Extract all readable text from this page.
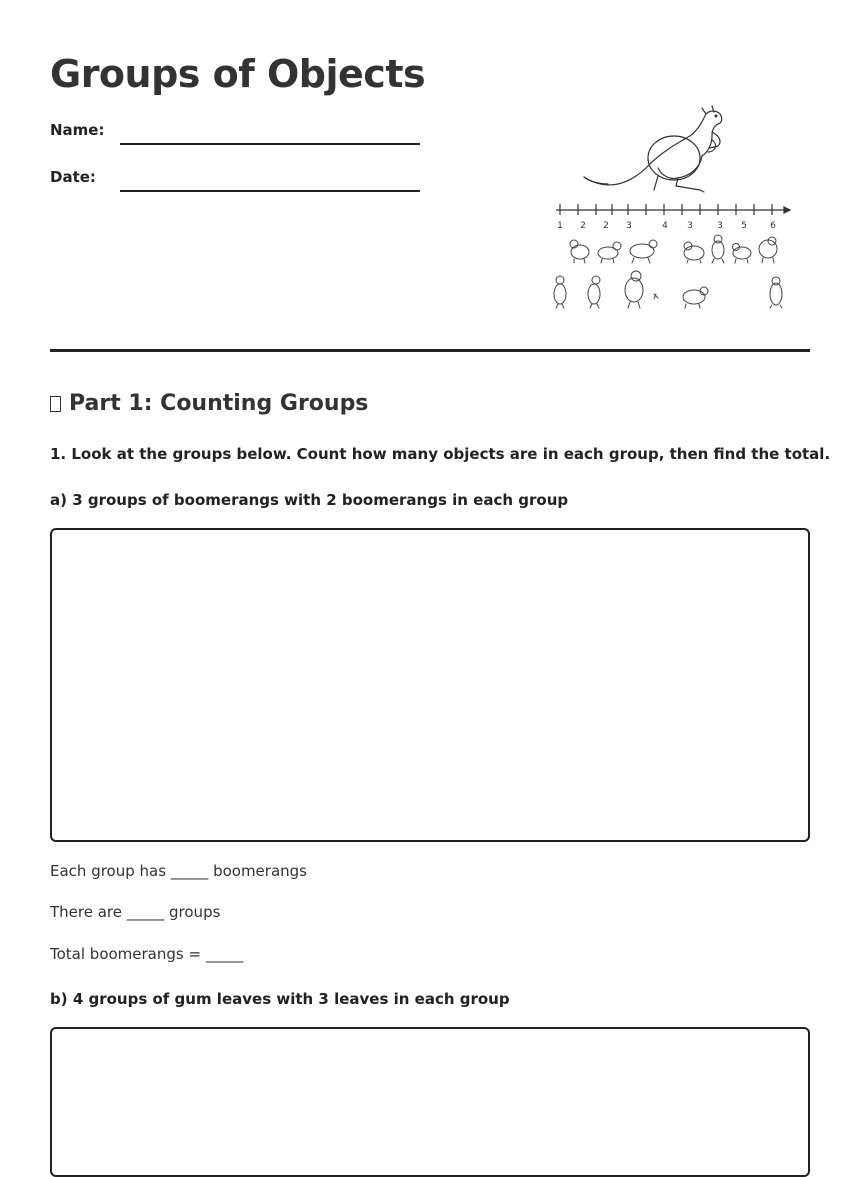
Groups of Objects
Name:
Date:
1 2 2 3	4 3	3 5	6
Part 1: Counting Groups

1. Look at the groups below. Count how many objects are in each group, then find the total.

a) 3 groups of boomerangs with 2 boomerangs in each group

Each group has _____ boomerangs

There are _____ groups

Total boomerangs = _____

b) 4 groups of gum leaves with 3 leaves in each group
